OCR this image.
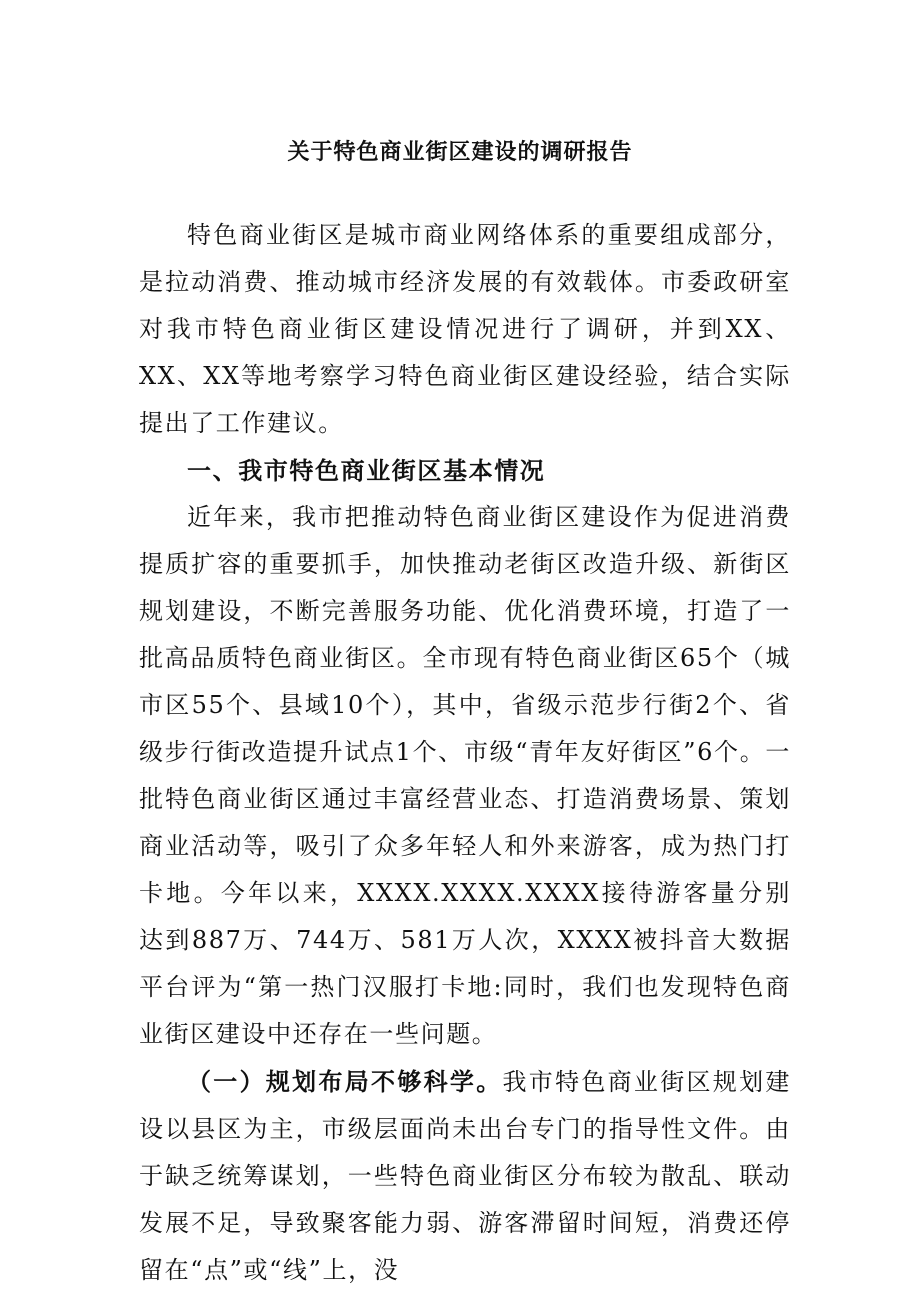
关于特色商业街区建设的调研报告

特色商业街区是城市商业网络体系的重要组成部分，是拉动消费、推动城市经济发展的有效载体。市委政研室对我市特色商业街区建设情况进行了调研，并到XX、XX、XX等地考察学习特色商业街区建设经验，结合实际提出了工作建议。

一、我市特色商业街区基本情况

近年来，我市把推动特色商业街区建设作为促进消费提质扩容的重要抓手，加快推动老街区改造升级、新街区规划建设，不断完善服务功能、优化消费环境，打造了一批高品质特色商业街区。全市现有特色商业街区65个（城市区55个、县域10个），其中，省级示范步行街2个、省级步行街改造提升试点1个、市级“青年友好街区”6个。一批特色商业街区通过丰富经营业态、打造消费场景、策划商业活动等，吸引了众多年轻人和外来游客，成为热门打卡地。今年以来，XXXX.XXXX.XXXX接待游客量分别达到887万、744万、581万人次，XXXX被抖音大数据平台评为“第一热门汉服打卡地:同时，我们也发现特色商业街区建设中还存在一些问题。

（一）规划布局不够科学。我市特色商业街区规划建设以县区为主，市级层面尚未出台专门的指导性文件。由于缺乏统筹谋划，一些特色商业街区分布较为散乱、联动发展不足，导致聚客能力弱、游客滞留时间短，消费还停留在“点”或“线”上，没
